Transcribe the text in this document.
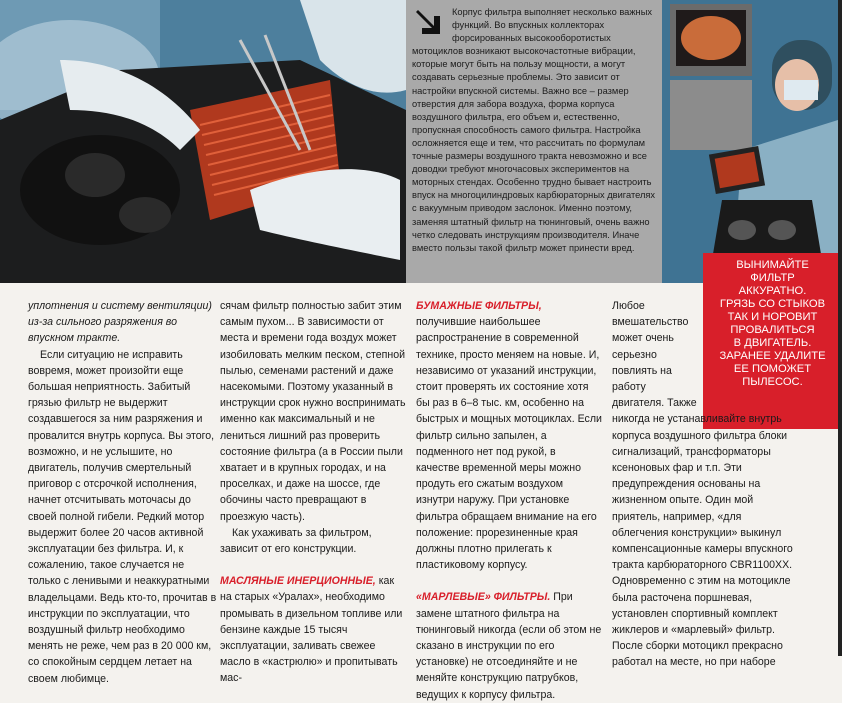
Корпус фильтра выполняет несколько важных функций. Во впускных коллекторах форсированных высокооборотистых мотоциклов возникают высокочастотные вибрации, которые могут быть на пользу мощности, а могут создавать серьезные проблемы. Это зависит от настройки впускной системы. Важно все – размер отверстия для забора воздуха, форма корпуса воздушного фильтра, его объем и, естественно, пропускная способность самого фильтра. Настройка осложняется еще и тем, что рассчитать по формулам точные размеры воздушного тракта невозможно и все доводки требуют многочасовых экспериментов на моторных стендах. Особенно трудно бывает настроить впуск на многоцилиндровых карбюраторных двигателях с вакуумным приводом заслонок. Именно поэтому, заменяя штатный фильтр на тюнинговый, очень важно четко следовать инструкциям производителя. Иначе вместо пользы такой фильтр может принести вред.
ВЫНИМАЙТЕ
ФИЛЬТР
АККУРАТНО.
ГРЯЗЬ СО СТЫКОВ
ТАК И НОРОВИТ
ПРОВАЛИТЬСЯ
В ДВИГАТЕЛЬ.
ЗАРАНЕЕ УДАЛИТЕ
ЕЕ ПОМОЖЕТ
ПЫЛЕСОС.

уплотнения и систему вентиляции) из-за сильного разряжения во впускном тракте.

Если ситуацию не исправить вовремя, может произойти еще большая неприятность. Забитый грязью фильтр не выдержит создавшегося за ним разряжения и провалится внутрь корпуса. Вы этого, возможно, и не услышите, но двигатель, получив смертельный приговор с отсрочкой исполнения, начнет отсчитывать моточасы до своей полной гибели. Редкий мотор выдержит более 20 часов активной эксплуатации без фильтра. И, к сожалению, такое случается не только с ленивыми и неаккуратными владельцами. Ведь кто-то, прочитав в инструкции по эксплуатации, что воздушный фильтр необходимо менять не реже, чем раз в 20 000 км, со спокойным сердцем летает на своем любимце.

сячам фильтр полностью забит этим самым пухом... В зависимости от места и времени года воздух может изобиловать мелким песком, степной пылью, семенами растений и даже насекомыми. Поэтому указанный в инструкции срок нужно воспринимать именно как максимальный и не лениться лишний раз проверить состояние фильтра (а в России пыли хватает и в крупных городах, и на проселках, и даже на шоссе, где обочины часто превращают в проезжую часть).

Как ухаживать за фильтром, зависит от его конструкции.

МАСЛЯНЫЕ ИНЕРЦИОННЫЕ, как на старых «Уралах», необходимо промывать в дизельном топливе или бензине каждые 15 тысяч эксплуатации, заливать свежее масло в «кастрюлю» и пропитывать мас-

БУМАЖНЫЕ ФИЛЬТРЫ, получившие наибольшее распространение в современной технике, просто меняем на новые. И, независимо от указаний инструкции, стоит проверять их состояние хотя бы раз в 6–8 тыс. км, особенно на быстрых и мощных мотоциклах. Если фильтр сильно запылен, а подменного нет под рукой, в качестве временной меры можно продуть его сжатым воздухом изнутри наружу. При установке фильтра обращаем внимание на его положение: прорезиненные края должны плотно прилегать к пластиковому корпусу.

«МАРЛЕВЫЕ» ФИЛЬТРЫ. При замене штатного фильтра на тюнинговый никогда (если об этом не сказано в инструкции по его установке) не отсоединяйте и не меняйте конструкцию патрубков, ведущих к корпусу фильтра.

Любое вмешательство может очень серьезно повлиять на работу двигателя. Также

никогда не устанавливайте внутрь корпуса воздушного фильтра блоки сигнализаций, трансформаторы ксеноновых фар и т.п. Эти предупреждения основаны на жизненном опыте. Один мой приятель, например, «для облегчения конструкции» выкинул компенсационные камеры впускного тракта карбюраторного CBR1100XX. Одновременно с этим на мотоцикле была расточена поршневая, установлен спортивный комплект жиклеров и «марлевый» фильтр. После сборки мотоцикл прекрасно работал на месте, но при наборе
